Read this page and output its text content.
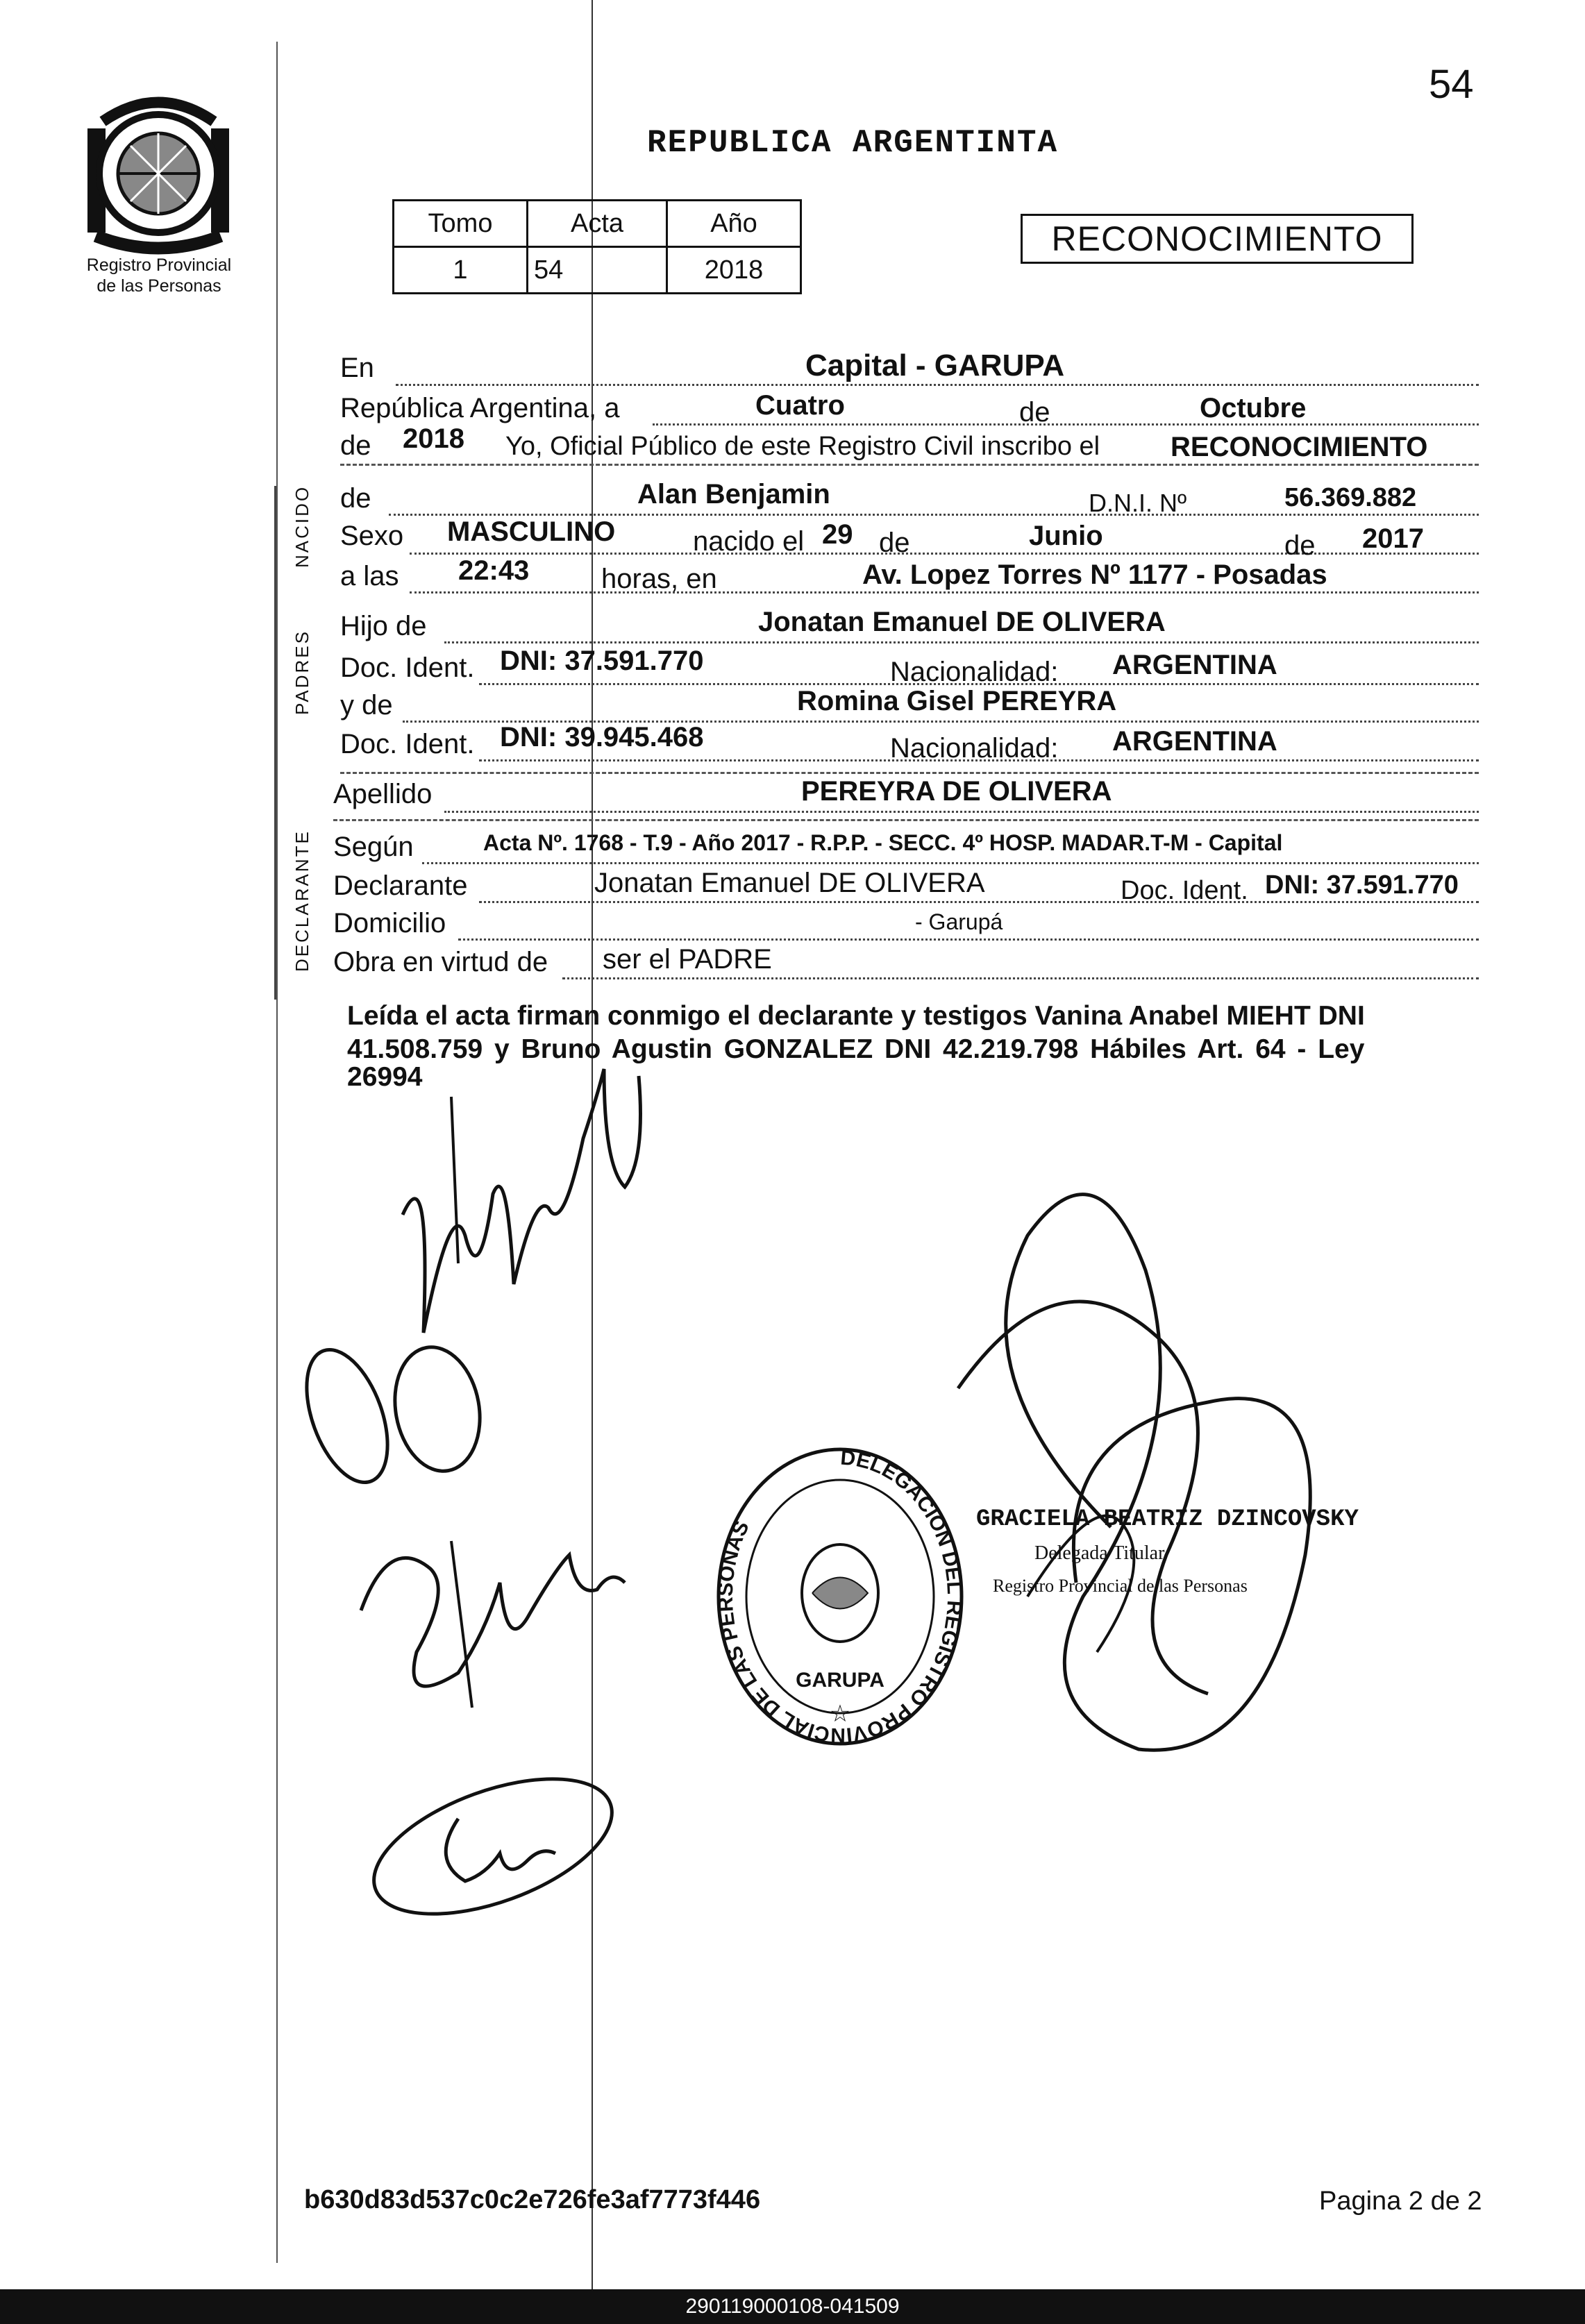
54
Registro Provincial
de las Personas
REPUBLICA ARGENTINTA
Tomo	Acta	Año
1	54	2018
RECONOCIMIENTO
NACIDO
PADRES
DECLARANTE
En	Capital - GARUPA
República Argentina, a	Cuatro	de	Octubre
de 2018 Yo, Oficial Público de este Registro Civil inscribo el	RECONOCIMIENTO
de	Alan Benjamin	D.N.I. Nº	56.369.882
Sexo MASCULINO	nacido el 29 de	Junio	de 2017
a las 22:43	horas, en	Av. Lopez Torres Nº 1177 - Posadas
Hijo de	Jonatan Emanuel DE OLIVERA
Doc. Ident. DNI: 37.591.770	Nacionalidad: ARGENTINA
y de	Romina Gisel PEREYRA
Doc. Ident. DNI: 39.945.468	Nacionalidad: ARGENTINA
Apellido	PEREYRA DE OLIVERA
Según	Acta Nº. 1768 - T.9 - Año 2017 - R.P.P. - SECC. 4º HOSP. MADAR.T-M - Capital
Declarante	Jonatan Emanuel DE OLIVERA	Doc. Ident. DNI: 37.591.770
Domicilio	- Garupá
Obra en virtud de ser el PADRE
Leída el acta firman conmigo el declarante y testigos Vanina Anabel MIEHT DNI
41.508.759 y Bruno Agustin GONZALEZ DNI 42.219.798 Hábiles Art. 64 - Ley
26994
DELEGACION DEL REGISTRO PROVINCIAL DE LAS PERSONAS
GARUPA
☆
GRACIELA BEATRIZ DZINCOVSKY
Delegada Titular
Registro Provincial de las Personas
b630d83d537c0c2e726fe3af7773f446	Pagina 2 de 2
290119000108-041509
